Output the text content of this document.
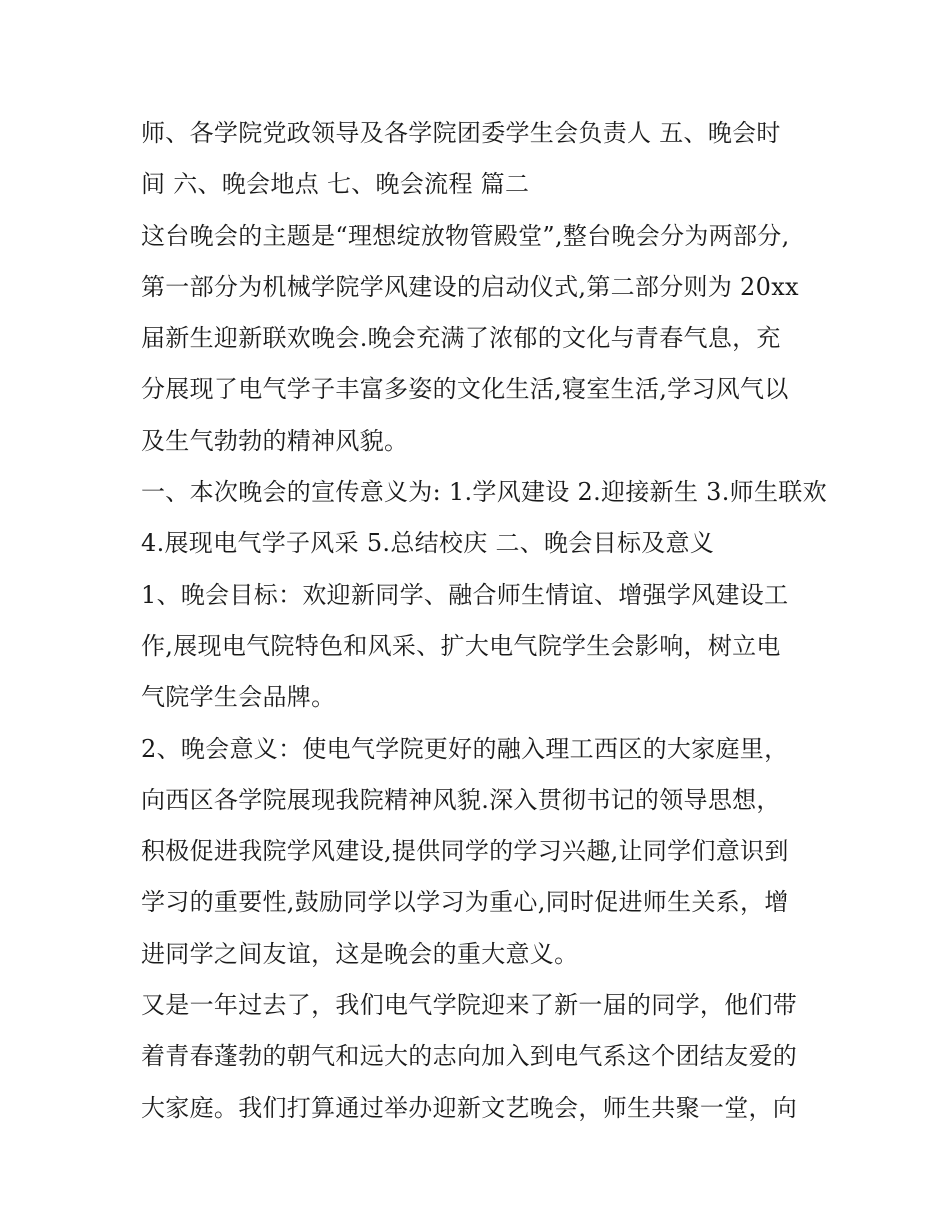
师、各学院党政领导及各学院团委学生会负责人 五、晚会时
间 六、晚会地点 七、晚会流程 篇二
这台晚会的主题是“理想绽放物管殿堂”,整台晚会分为两部分,
第一部分为机械学院学风建设的启动仪式,第二部分则为 20xx
届新生迎新联欢晚会.晚会充满了浓郁的文化与青春气息，充
分展现了电气学子丰富多姿的文化生活,寝室生活,学习风气以
及生气勃勃的精神风貌。
一、本次晚会的宣传意义为: 1.学风建设 2.迎接新生 3.师生联欢
4.展现电气学子风采 5.总结校庆 二、晚会目标及意义
1、晚会目标：欢迎新同学、融合师生情谊、增强学风建设工
作,展现电气院特色和风采、扩大电气院学生会影响，树立电
气院学生会品牌。
2、晚会意义：使电气学院更好的融入理工西区的大家庭里，
向西区各学院展现我院精神风貌.深入贯彻书记的领导思想，
积极促进我院学风建设,提供同学的学习兴趣,让同学们意识到
学习的重要性,鼓励同学以学习为重心,同时促进师生关系，增
进同学之间友谊，这是晚会的重大意义。
又是一年过去了，我们电气学院迎来了新一届的同学，他们带
着青春蓬勃的朝气和远大的志向加入到电气系这个团结友爱的
大家庭。我们打算通过举办迎新文艺晚会，师生共聚一堂，向
